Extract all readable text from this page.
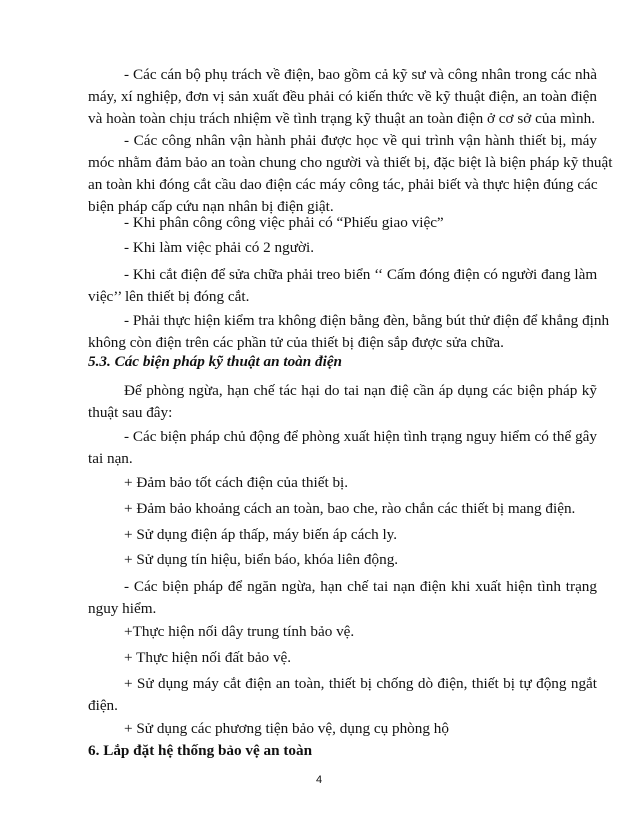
- Các cán bộ phụ trách về điện, bao gồm cả kỹ sư và công nhân trong các nhà
máy, xí nghiệp, đơn vị sản xuất đều phải có kiến thức về kỹ thuật điện, an toàn điện
và hoàn toàn chịu trách nhiệm về tình trạng kỹ thuật an toàn điện ở cơ sở của mình.
- Các công nhân vận hành phải được học về qui trình vận hành thiết bị, máy
móc nhằm đảm bảo an toàn chung cho người và thiết bị, đặc biệt là biện pháp kỹ thuật
an toàn khi đóng cắt cầu dao điện các máy công tác, phải biết và thực hiện đúng các
biện pháp cấp cứu nạn nhân bị điện giật.
- Khi phân công công việc phải có “Phiếu giao việc”
- Khi làm việc phải có 2 người.
- Khi cắt điện để sửa chữa phải treo biển ‘‘ Cấm đóng điện có người đang làm
việc’’ lên thiết bị đóng cắt.
- Phải thực hiện kiểm tra không điện bằng đèn, bằng bút thử điện để khẳng định
không còn điện trên các phần tử của thiết bị điện sắp được sửa chữa.
5.3. Các biện pháp kỹ thuật an toàn điện
Để phòng ngừa, hạn chế tác hại do tai nạn điệ cần áp dụng các biện pháp kỹ
thuật sau đây:
- Các biện pháp chủ động để phòng xuất hiện tình trạng nguy hiểm có thể gây
tai nạn.
+ Đảm bảo tốt cách điện của thiết bị.
+ Đảm bảo khoảng cách an toàn, bao che, rào chắn các thiết bị mang điện.
+ Sử dụng điện áp thấp, máy biến áp cách ly.
+ Sử dụng tín hiệu, biển báo, khóa liên động.
- Các biện pháp để ngăn ngừa, hạn chế tai nạn điện khi xuất hiện tình trạng
nguy hiểm.
+Thực hiện nối dây trung tính bảo vệ.
+ Thực hiện nối đất bảo vệ.
+ Sử dụng máy cắt điện an toàn, thiết bị chống dò điện, thiết bị tự động ngắt
điện.
+ Sử dụng các phương tiện bảo vệ, dụng cụ phòng hộ
6. Lắp đặt hệ thống bảo vệ an toàn
4
